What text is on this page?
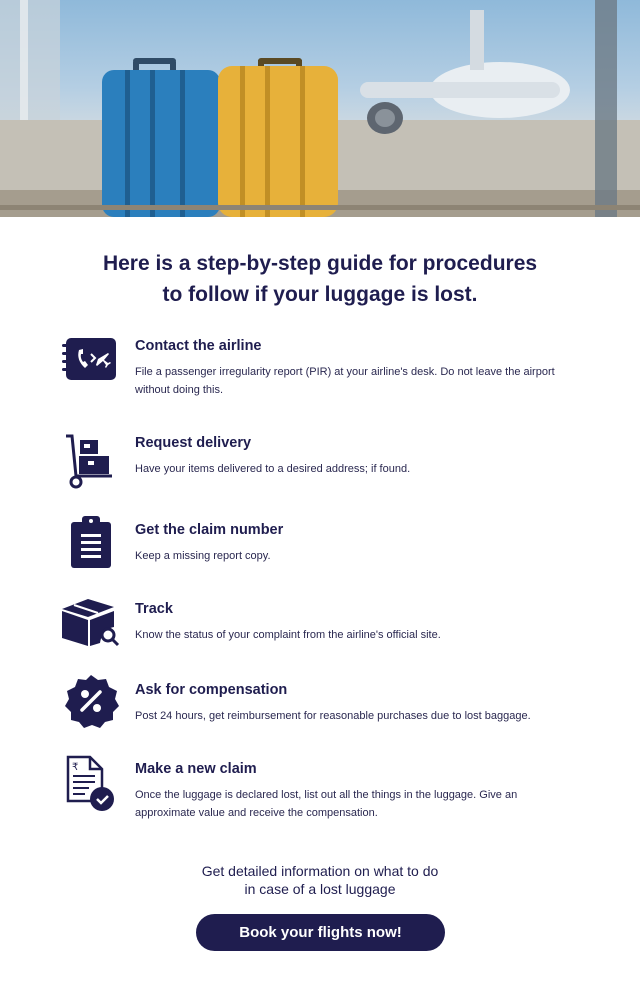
Here is a step-by-step guide for procedures
to follow if your luggage is lost.
Contact the airline

File a passenger irregularity report (PIR) at your airline's desk. Do not leave the airport without doing this.

Request delivery

Have your items delivered to a desired address; if found.

Get the claim number

Keep a missing report copy.

Track

Know the status of your complaint from the airline's official site.

Ask for compensation

Post 24 hours, get reimbursement for reasonable purchases due to lost baggage.

₹	Make a new claim

Once the luggage is declared lost, list out all the things in the luggage. Give an approximate value and receive the compensation.

Get detailed information on what to do
in case of a lost luggage
Book your flights now!
